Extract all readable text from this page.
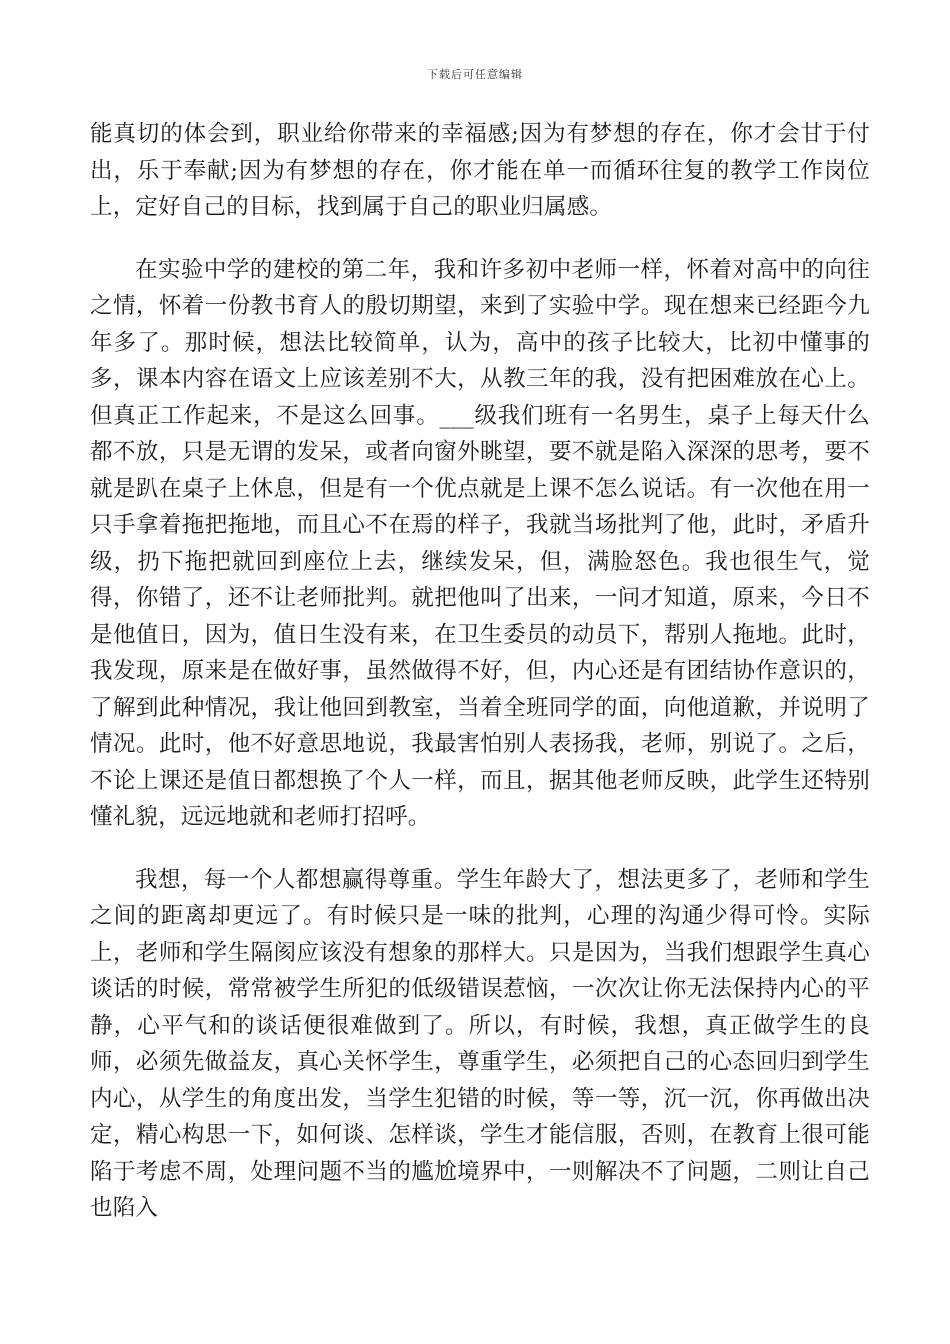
下载后可任意编辑

能真切的体会到，职业给你带来的幸福感;因为有梦想的存在，你才会甘于付出，乐于奉献;因为有梦想的存在，你才能在单一而循环往复的教学工作岗位上，定好自己的目标，找到属于自己的职业归属感。

在实验中学的建校的第二年，我和许多初中老师一样，怀着对高中的向往之情，怀着一份教书育人的殷切期望，来到了实验中学。现在想来已经距今九年多了。那时候，想法比较简单，认为，高中的孩子比较大，比初中懂事的多，课本内容在语文上应该差别不大，从教三年的我，没有把困难放在心上。但真正工作起来，不是这么回事。___级我们班有一名男生，桌子上每天什么都不放，只是无谓的发呆，或者向窗外眺望，要不就是陷入深深的思考，要不就是趴在桌子上休息，但是有一个优点就是上课不怎么说话。有一次他在用一只手拿着拖把拖地，而且心不在焉的样子，我就当场批判了他，此时，矛盾升级，扔下拖把就回到座位上去，继续发呆，但，满脸怒色。我也很生气，觉得，你错了，还不让老师批判。就把他叫了出来，一问才知道，原来，今日不是他值日，因为，值日生没有来，在卫生委员的动员下，帮别人拖地。此时，我发现，原来是在做好事，虽然做得不好，但，内心还是有团结协作意识的，了解到此种情况，我让他回到教室，当着全班同学的面，向他道歉，并说明了情况。此时，他不好意思地说，我最害怕别人表扬我，老师，别说了。之后，不论上课还是值日都想换了个人一样，而且，据其他老师反映，此学生还特别懂礼貌，远远地就和老师打招呼。

我想，每一个人都想赢得尊重。学生年龄大了，想法更多了，老师和学生之间的距离却更远了。有时候只是一味的批判，心理的沟通少得可怜。实际上，老师和学生隔阂应该没有想象的那样大。只是因为，当我们想跟学生真心谈话的时候，常常被学生所犯的低级错误惹恼，一次次让你无法保持内心的平静，心平气和的谈话便很难做到了。所以，有时候，我想，真正做学生的良师，必须先做益友，真心关怀学生，尊重学生，必须把自己的心态回归到学生内心，从学生的角度出发，当学生犯错的时候，等一等，沉一沉，你再做出决定，精心构思一下，如何谈、怎样谈，学生才能信服，否则，在教育上很可能陷于考虑不周，处理问题不当的尴尬境界中，一则解决不了问题，二则让自己也陷入
